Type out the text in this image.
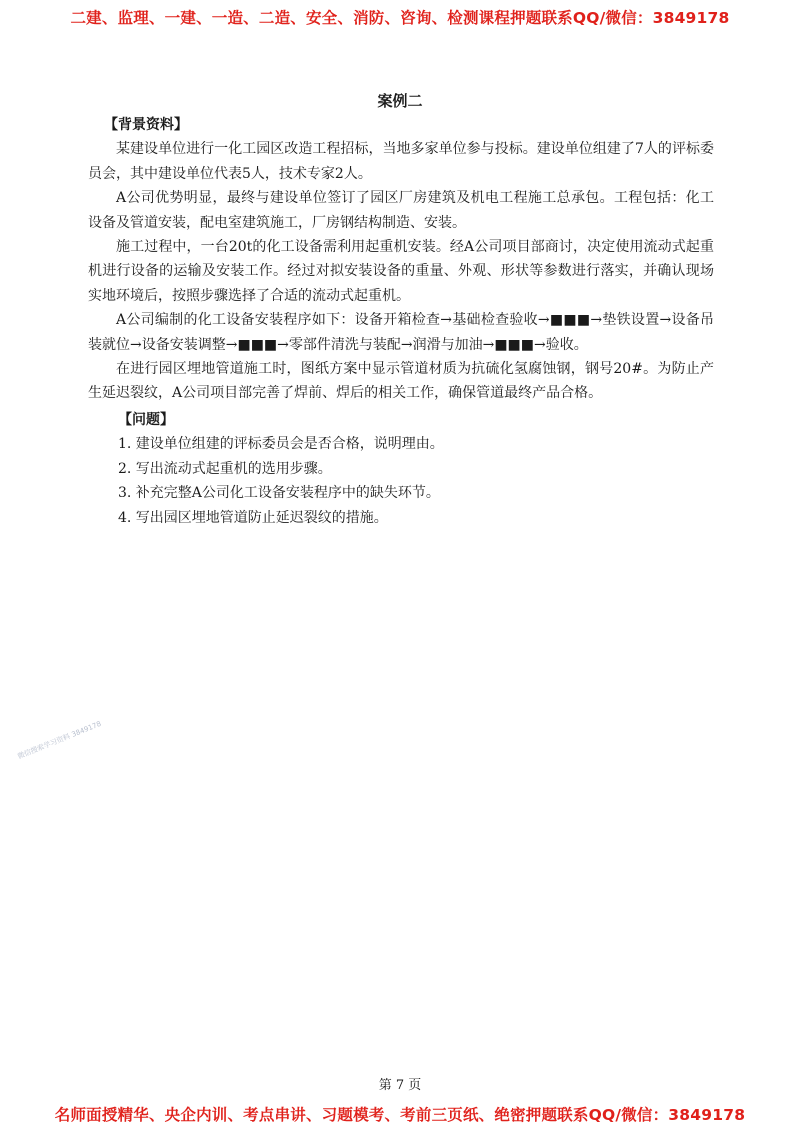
二建、监理、一建、一造、二造、安全、消防、咨询、检测课程押题联系QQ/微信：3849178
案例二
【背景资料】

某建设单位进行一化工园区改造工程招标，当地多家单位参与投标。建设单位组建了7人的评标委员会，其中建设单位代表5人，技术专家2人。

A公司优势明显，最终与建设单位签订了园区厂房建筑及机电工程施工总承包。工程包括：化工设备及管道安装，配电室建筑施工，厂房钢结构制造、安装。

施工过程中，一台20t的化工设备需利用起重机安装。经A公司项目部商讨，决定使用流动式起重机进行设备的运输及安装工作。经过对拟安装设备的重量、外观、形状等参数进行落实，并确认现场实地环境后，按照步骤选择了合适的流动式起重机。

A公司编制的化工设备安装程序如下：设备开箱检查→基础检查验收→■■■→垫铁设置→设备吊装就位→设备安装调整→■■■→零部件清洗与装配→润滑与加油→■■■→验收。

在进行园区埋地管道施工时，图纸方案中显示管道材质为抗硫化氢腐蚀钢，钢号20#。为防止产生延迟裂纹，A公司项目部完善了焊前、焊后的相关工作，确保管道最终产品合格。

【问题】

1. 建设单位组建的评标委员会是否合格，说明理由。

2. 写出流动式起重机的选用步骤。

3. 补充完整A公司化工设备安装程序中的缺失环节。

4. 写出园区埋地管道防止延迟裂纹的措施。

微信搜索学习资料 3849178
第 7 页
名师面授精华、央企内训、考点串讲、习题模考、考前三页纸、绝密押题联系QQ/微信：3849178
